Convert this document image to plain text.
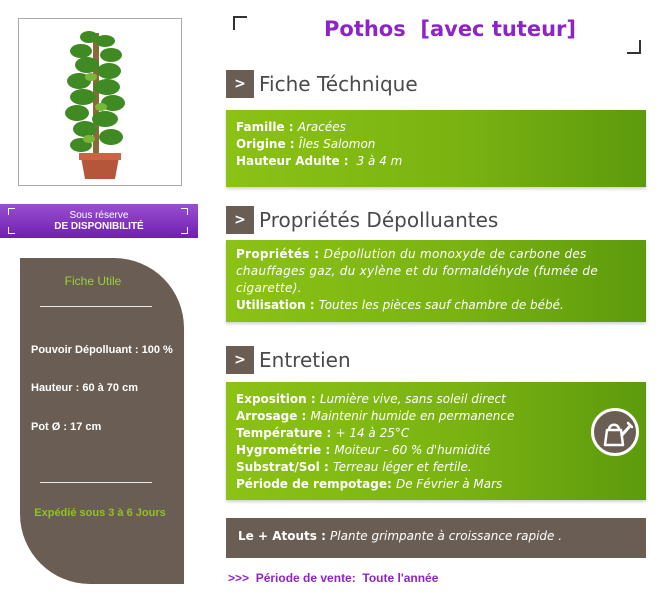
Sous réserve
DE DISPONIBILITÉ
Fiche Utile
Pouvoir Dépolluant : 100 %
Hauteur : 60 à 70 cm
Pot Ø : 17 cm
Expédié sous 3 à 6 Jours
Pothos  [avec tuteur]
> Fiche Téchnique

Famille : Aracées

Origine : Îles Salomon

Hauteur Adulte :  3 à 4 m

> Propriétés Dépolluantes

Propriétés : Dépollution du monoxyde de carbone des chauffages gaz, du xylène et du formaldéhyde (fumée de cigarette).

Utilisation : Toutes les pièces sauf chambre de bébé.

> Entretien

Exposition : Lumière vive, sans soleil direct

Arrosage : Maintenir humide en permanence

Température : + 14 à 25°C

Hygrométrie : Moiteur - 60 % d'humidité

Substrat/Sol : Terreau léger et fertile.

Période de rempotage: De Février à Mars

Le + Atouts : Plante grimpante à croissance rapide .
>>>  Période de vente:  Toute l'année
